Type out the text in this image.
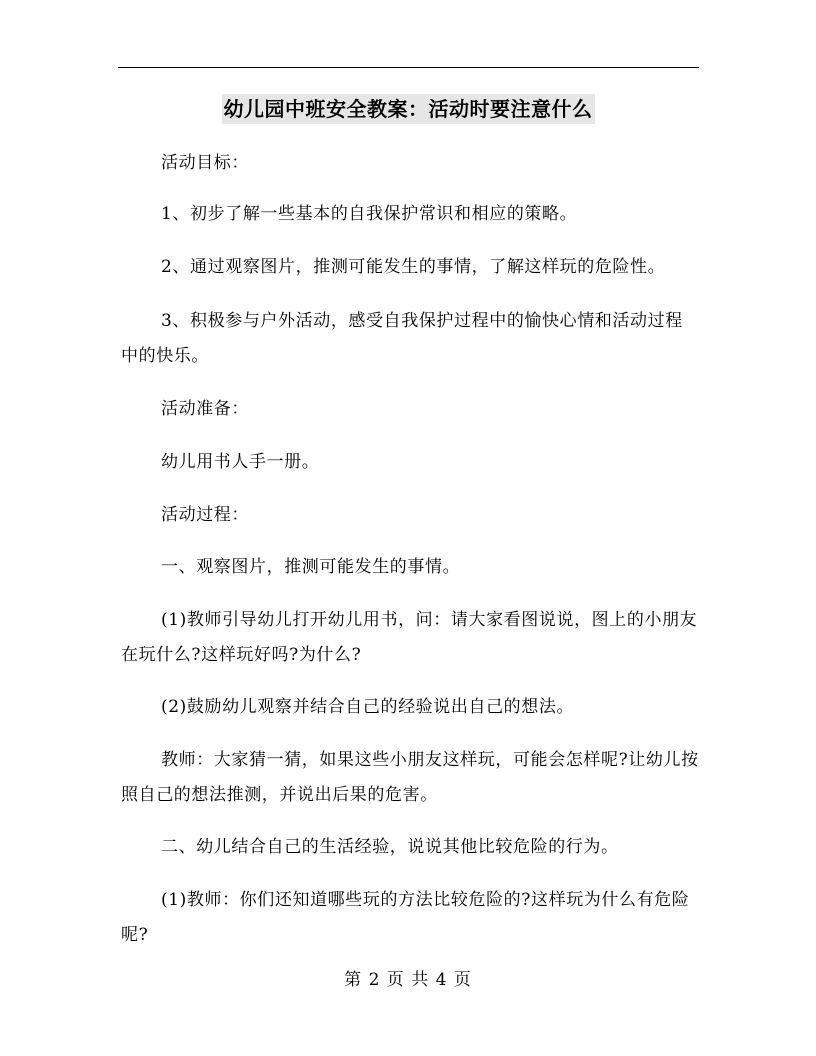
幼儿园中班安全教案：活动时要注意什么

活动目标：

1、初步了解一些基本的自我保护常识和相应的策略。

2、通过观察图片，推测可能发生的事情，了解这样玩的危险性。

3、积极参与户外活动，感受自我保护过程中的愉快心情和活动过程中的快乐。

活动准备：

幼儿用书人手一册。

活动过程：

一、观察图片，推测可能发生的事情。

(1)教师引导幼儿打开幼儿用书，问：请大家看图说说，图上的小朋友在玩什么?这样玩好吗?为什么?

(2)鼓励幼儿观察并结合自己的经验说出自己的想法。

教师：大家猜一猜，如果这些小朋友这样玩，可能会怎样呢?让幼儿按照自己的想法推测，并说出后果的危害。

二、幼儿结合自己的生活经验，说说其他比较危险的行为。

(1)教师：你们还知道哪些玩的方法比较危险的?这样玩为什么有危险呢?

第 2 页 共 4 页
